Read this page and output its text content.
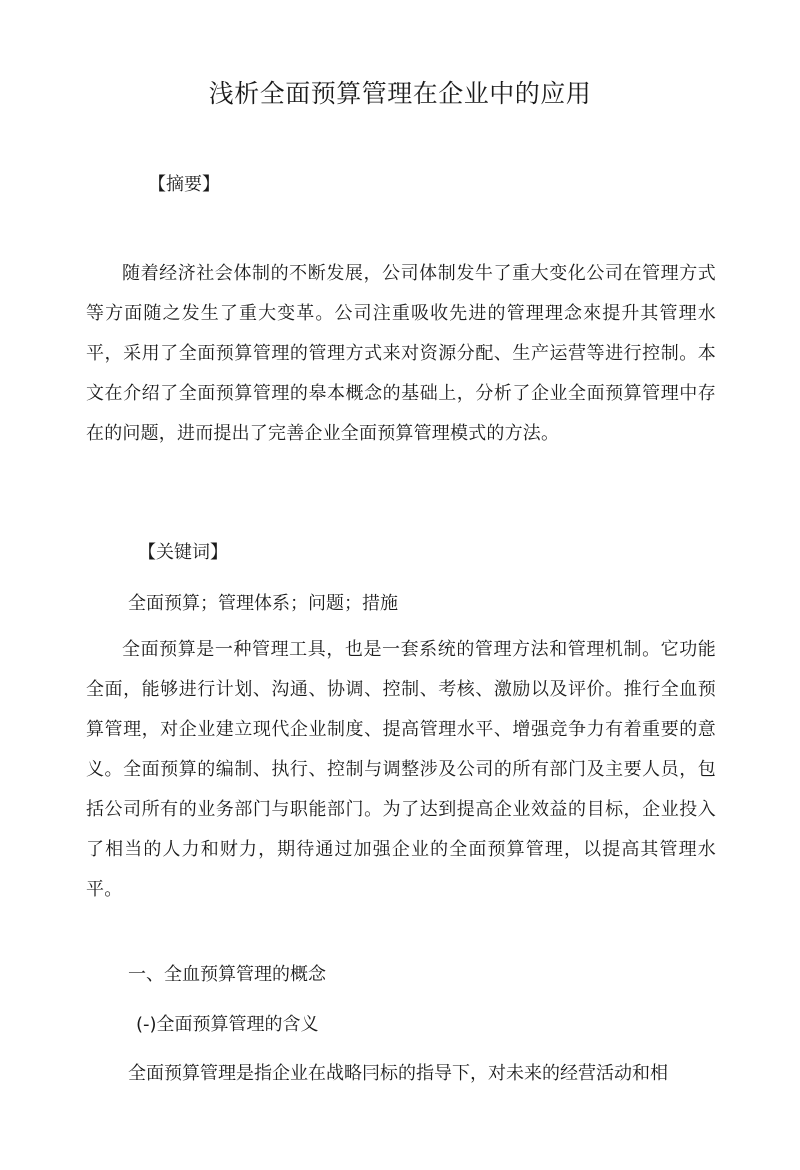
浅析全面预算管理在企业中的应用
【摘要】
随着经济社会体制的不断发展，公司体制发牛了重大变化公司在管理方式等方面随之发生了重大变革。公司注重吸收先进的管理理念來提升其管理水平，采用了全面预算管理的管理方式来对资源分配、生产运营等进行控制。本文在介绍了全面预算管理的皋本概念的基础上，分析了企业全面预算管理中存在的问题，进而提出了完善企业全面预算管理模式的方法。
【关键词】
全面预算；管理体系；问题；措施
全面预算是一种管理工具，也是一套系统的管理方法和管理机制。它功能全面，能够进行计划、沟通、协调、控制、考核、激励以及评价。推行全血预算管理，对企业建立现代企业制度、提高管理水平、增强竞争力有着重要的意义。全面预算的编制、执行、控制与调整涉及公司的所有部门及主要人员，包括公司所有的业务部门与职能部门。为了达到提高企业效益的目标，企业投入了相当的人力和财力，期待通过加强企业的全面预算管理，以提高其管理水平。
一、全血预算管理的概念
(-)全面预算管理的含义
全面预算管理是指企业在战略冃标的指导下，对未来的经营活动和相
